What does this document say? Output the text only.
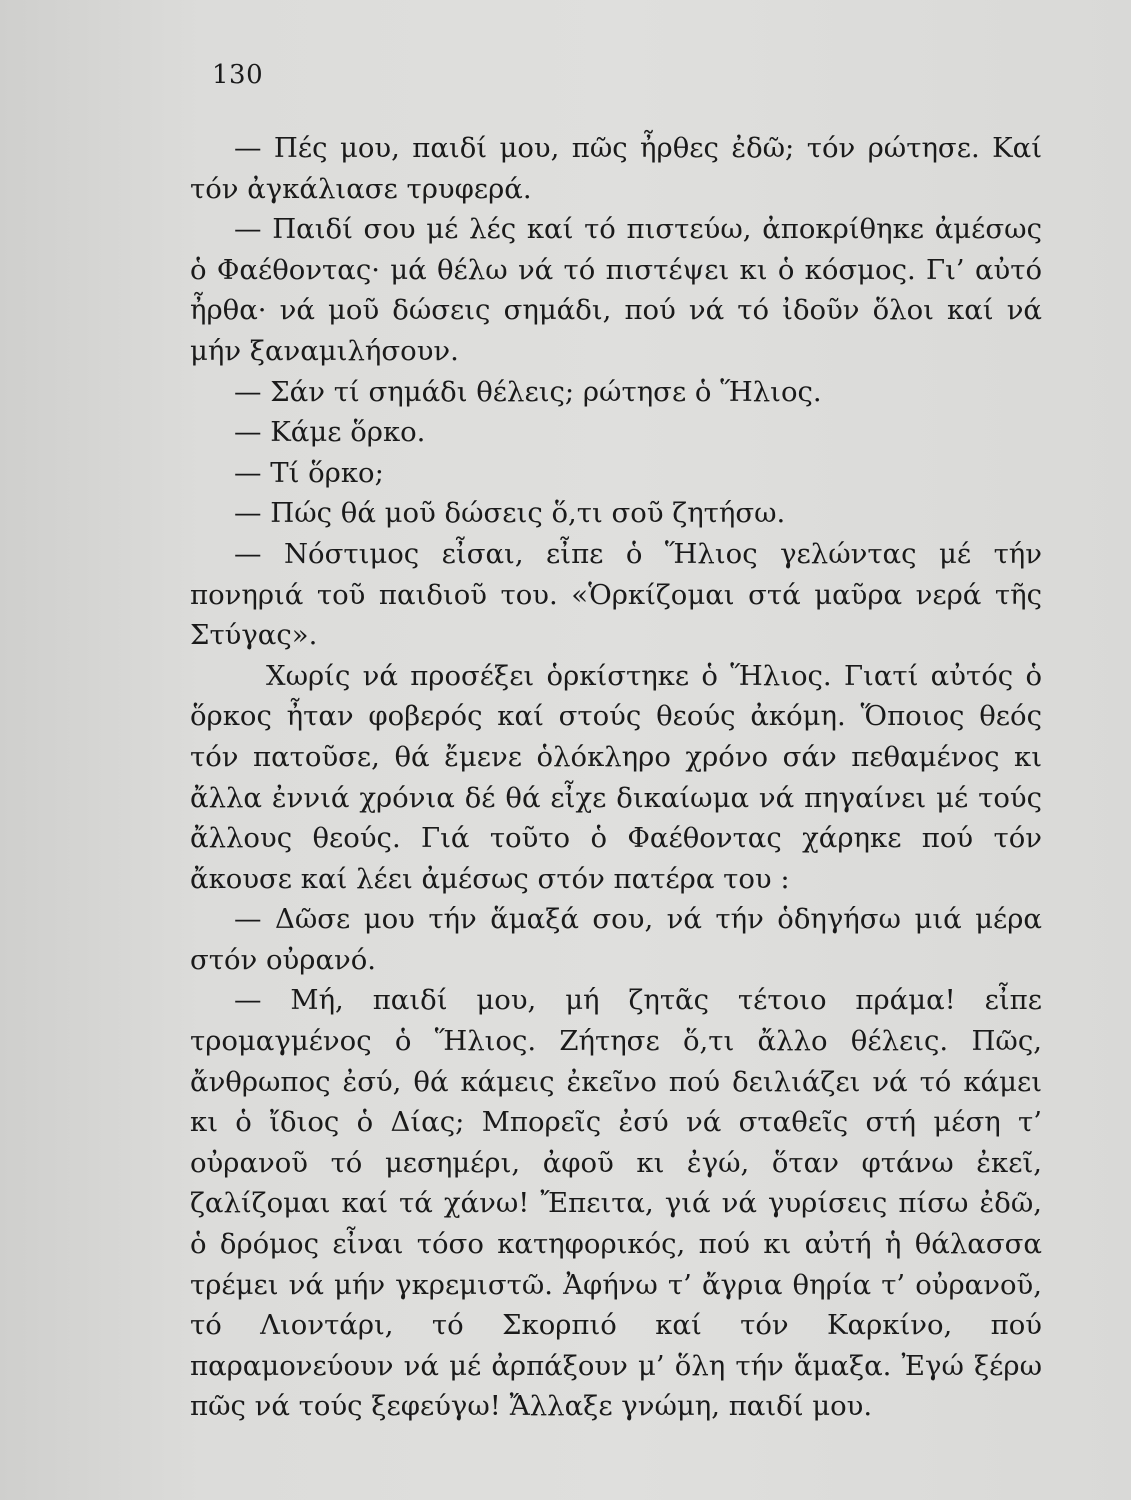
130

— Πές μου, παιδί μου, πῶς ἦρθες ἐδῶ; τόν ρώτησε. Καί τόν ἀγκάλιασε τρυφερά.

— Παιδί σου μέ λές καί τό πιστεύω, ἀποκρίθηκε ἀμέσως ὁ Φαέθοντας· μά θέλω νά τό πιστέψει κι ὁ κόσμος. Γι’ αὐτό ἦρθα· νά μοῦ δώσεις σημάδι, πού νά τό ἰδοῦν ὅλοι καί νά μήν ξαναμιλήσουν.

— Σάν τί σημάδι θέλεις; ρώτησε ὁ Ἥλιος.

— Κάμε ὅρκο.

— Τί ὅρκο;

— Πώς θά μοῦ δώσεις ὅ,τι σοῦ ζητήσω.

— Νόστιμος εἶσαι, εἶπε ὁ Ἥλιος γελώντας μέ τήν πονηριά τοῦ παιδιοῦ του. «Ὁρκίζομαι στά μαῦρα νερά τῆς Στύγας».

Χωρίς νά προσέξει ὁρκίστηκε ὁ Ἥλιος. Γιατί αὐτός ὁ ὅρκος ἦταν φοβερός καί στούς θεούς ἀκόμη. Ὅποιος θεός τόν πατοῦσε, θά ἔμενε ὁλόκληρο χρόνο σάν πεθαμένος κι ἄλλα ἐννιά χρόνια δέ θά εἶχε δικαίωμα νά πηγαίνει μέ τούς ἄλλους θεούς. Γιά τοῦτο ὁ Φαέθοντας χάρηκε πού τόν ἄκουσε καί λέει ἀμέσως στόν πατέρα του :

— Δῶσε μου τήν ἅμαξά σου, νά τήν ὁδηγήσω μιά μέρα στόν οὐρανό.

— Μή, παιδί μου, μή ζητᾶς τέτοιο πράμα! εἶπε τρομαγμένος ὁ Ἥλιος. Ζήτησε ὅ,τι ἄλλο θέλεις. Πῶς, ἄνθρωπος ἐσύ, θά κάμεις ἐκεῖνο πού δειλιάζει νά τό κάμει κι ὁ ἴδιος ὁ Δίας; Μπορεῖς ἐσύ νά σταθεῖς στή μέση τ’ οὐρανοῦ τό μεσημέρι, ἀφοῦ κι ἐγώ, ὅταν φτάνω ἐκεῖ, ζαλίζομαι καί τά χάνω! Ἔπειτα, γιά νά γυρίσεις πίσω ἐδῶ, ὁ δρόμος εἶναι τόσο κατηφορικός, πού κι αὐτή ἡ θάλασσα τρέμει νά μήν γκρεμιστῶ. Ἀφήνω τ’ ἄγρια θηρία τ’ οὐρανοῦ, τό Λιοντάρι, τό Σκορπιό καί τόν Καρκίνο, πού παραμονεύουν νά μέ ἀρπάξουν μ’ ὅλη τήν ἅμαξα. Ἐγώ ξέρω πῶς νά τούς ξεφεύγω! Ἄλλαξε γνώμη, παιδί μου.
